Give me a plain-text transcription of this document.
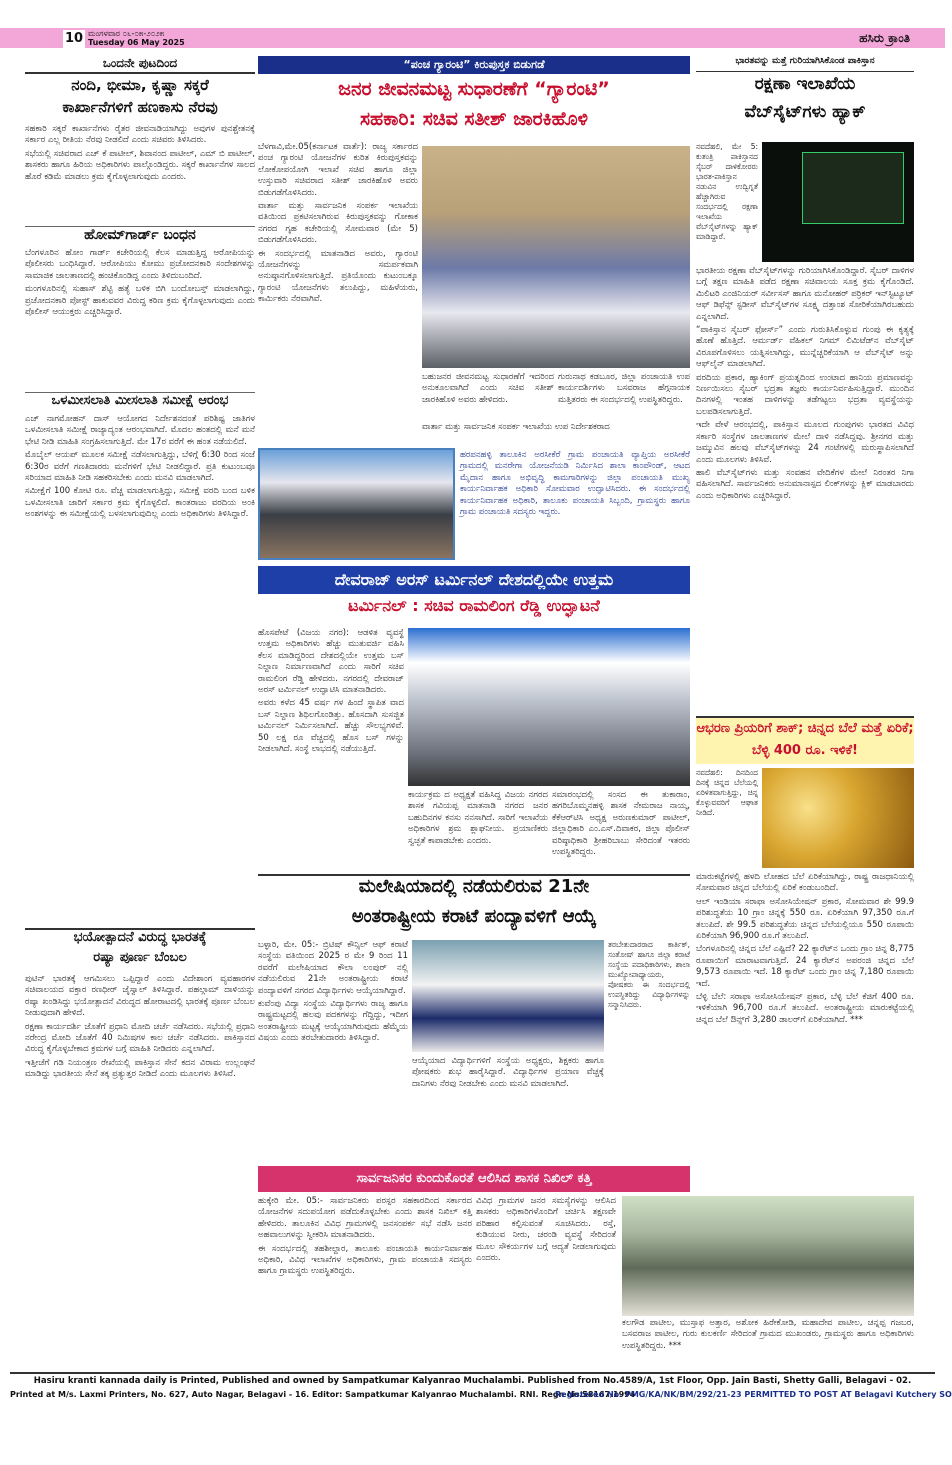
10 ಮಂಗಳವಾರ ೦೬-೦೫-೨೦೨೫
Tuesday 06 May 2025	ಹಸಿರು ಕ್ರಾಂತಿ
ಒಂದನೇ ಪುಟದಿಂದ
ನಂದಿ, ಭೀಮಾ, ಕೃಷ್ಣಾ ಸಕ್ಕರೆ
ಕಾರ್ಖಾನೆಗಳಿಗೆ ಹಣಕಾಸು ನೆರವು

ಸಹಕಾರಿ ಸಕ್ಕರೆ ಕಾರ್ಖಾನೆಗಳು ರೈತರ ಜೀವನಾಡಿಯಾಗಿದ್ದು ಅವುಗಳ ಪುನಶ್ಚೇತನಕ್ಕೆ ಸರ್ಕಾರ ಎಲ್ಲ ರೀತಿಯ ನೆರವು ನೀಡಲಿದೆ ಎಂದು ಸಚಿವರು ತಿಳಿಸಿದರು.

ಸಭೆಯಲ್ಲಿ ಸಚಿವರಾದ ಎಚ್ ಕೆ ಪಾಟೀಲ್, ಶಿವಾನಂದ ಪಾಟೀಲ್, ಎಮ್ ಬಿ ಪಾಟೀಲ್, ಶಾಸಕರು ಹಾಗೂ ಹಿರಿಯ ಅಧಿಕಾರಿಗಳು ಪಾಲ್ಗೊಂಡಿದ್ದರು. ಸಕ್ಕರೆ ಕಾರ್ಖಾನೆಗಳ ಸಾಲದ ಹೊರೆ ಕಡಿಮೆ ಮಾಡಲು ಕ್ರಮ ಕೈಗೊಳ್ಳಲಾಗುವುದು ಎಂದರು.

ಹೋಮ್‌ಗಾರ್ಡ್ ಬಂಧನ

ಬೆಂಗಳೂರಿನ ಹೋಂ ಗಾರ್ಡ್ ಕಚೇರಿಯಲ್ಲಿ ಕೆಲಸ ಮಾಡುತ್ತಿದ್ದ ಆರೋಪಿಯನ್ನು ಪೊಲೀಸರು ಬಂಧಿಸಿದ್ದಾರೆ. ಆರೋಪಿಯು ಕೋಮು ಪ್ರಚೋದನಕಾರಿ ಸಂದೇಶಗಳನ್ನು ಸಾಮಾಜಿಕ ಜಾಲತಾಣದಲ್ಲಿ ಹಂಚಿಕೊಂಡಿದ್ದ ಎಂದು ತಿಳಿದುಬಂದಿದೆ.

ಮಂಗಳೂರಿನಲ್ಲಿ ಸುಹಾಸ್ ಶೆಟ್ಟಿ ಹತ್ಯೆ ಬಳಿಕ ಬಿಗಿ ಬಂದೋಬಸ್ತ್ ಮಾಡಲಾಗಿದ್ದು, ಪ್ರಚೋದನಕಾರಿ ಪೋಸ್ಟ್ ಹಾಕುವವರ ವಿರುದ್ಧ ಕಠಿಣ ಕ್ರಮ ಕೈಗೊಳ್ಳಲಾಗುವುದು ಎಂದು ಪೊಲೀಸ್ ಆಯುಕ್ತರು ಎಚ್ಚರಿಸಿದ್ದಾರೆ.

ಒಳಮೀಸಲಾತಿ ಮೀಸಲಾತಿ ಸಮೀಕ್ಷೆ ಆರಂಭ

ಎಚ್ ನಾಗಮೋಹನ್ ದಾಸ್ ಆಯೋಗದ ನಿರ್ದೇಶನದಂತೆ ಪರಿಶಿಷ್ಟ ಜಾತಿಗಳ ಒಳಮೀಸಲಾತಿ ಸಮೀಕ್ಷೆ ರಾಜ್ಯಾದ್ಯಂತ ಆರಂಭವಾಗಿದೆ. ಮೊದಲ ಹಂತದಲ್ಲಿ ಮನೆ ಮನೆ ಭೇಟಿ ನೀಡಿ ಮಾಹಿತಿ ಸಂಗ್ರಹಿಸಲಾಗುತ್ತಿದೆ. ಮೇ 17ರ ವರೆಗೆ ಈ ಹಂತ ನಡೆಯಲಿದೆ.

ಮೊಬೈಲ್ ಆಯಪ್ ಮೂಲಕ ಸಮೀಕ್ಷೆ ನಡೆಸಲಾಗುತ್ತಿದ್ದು, ಬೆಳಿಗ್ಗೆ 6:30 ರಿಂದ ಸಂಜೆ 6:30ರ ವರೆಗೆ ಗಣತಿದಾರರು ಮನೆಗಳಿಗೆ ಭೇಟಿ ನೀಡಲಿದ್ದಾರೆ. ಪ್ರತಿ ಕುಟುಂಬವೂ ಸರಿಯಾದ ಮಾಹಿತಿ ನೀಡಿ ಸಹಕರಿಸಬೇಕು ಎಂದು ಮನವಿ ಮಾಡಲಾಗಿದೆ.

ಸಮೀಕ್ಷೆಗೆ 100 ಕೋಟಿ ರೂ. ವೆಚ್ಚ ಮಾಡಲಾಗುತ್ತಿದ್ದು, ಸಮೀಕ್ಷೆ ವರದಿ ಬಂದ ಬಳಿಕ ಒಳಮೀಸಲಾತಿ ಜಾರಿಗೆ ಸರ್ಕಾರ ಕ್ರಮ ಕೈಗೊಳ್ಳಲಿದೆ. ಕಾಂತರಾಜು ವರದಿಯ ಅಂಕಿ ಅಂಶಗಳನ್ನು ಈ ಸಮೀಕ್ಷೆಯಲ್ಲಿ ಬಳಸಲಾಗುವುದಿಲ್ಲ ಎಂದು ಅಧಿಕಾರಿಗಳು ತಿಳಿಸಿದ್ದಾರೆ.

ಭಯೋತ್ಪಾದನೆ ವಿರುದ್ಧ ಭಾರತಕ್ಕೆ
ರಷ್ಯಾ ಪೂರ್ಣ ಬೆಂಬಲ

ಪುಟಿನ್ ಭಾರತಕ್ಕೆ ಆಗಮಿಸಲು ಒಪ್ಪಿದ್ದಾರೆ ಎಂದು ವಿದೇಶಾಂಗ ವ್ಯವಹಾರಗಳ ಸಚಿವಾಲಯದ ವಕ್ತಾರ ರಣಧೀರ್ ಜೈಸ್ವಾಲ್ ತಿಳಿಸಿದ್ದಾರೆ. ಪಹಲ್ಗಾಮ್ ದಾಳಿಯನ್ನು ರಷ್ಯಾ ಖಂಡಿಸಿದ್ದು ಭಯೋತ್ಪಾದನೆ ವಿರುದ್ಧದ ಹೋರಾಟದಲ್ಲಿ ಭಾರತಕ್ಕೆ ಪೂರ್ಣ ಬೆಂಬಲ ನೀಡುವುದಾಗಿ ಹೇಳಿದೆ.

ರಕ್ಷಣಾ ಕಾರ್ಯದರ್ಶಿ ಜೊತೆಗೆ ಪ್ರಧಾನಿ ಮೋದಿ ಚರ್ಚೆ ನಡೆಸಿದರು. ಸಭೆಯಲ್ಲಿ ಪ್ರಧಾನಿ ನರೇಂದ್ರ ಮೋದಿ ಜೊತೆಗೆ 40 ನಿಮಿಷಗಳ ಕಾಲ ಚರ್ಚೆ ನಡೆಸಿದರು. ಪಾಕಿಸ್ತಾನದ ವಿರುದ್ಧ ಕೈಗೊಳ್ಳಬೇಕಾದ ಕ್ರಮಗಳ ಬಗ್ಗೆ ಮಾಹಿತಿ ನೀಡಿದರು ಎನ್ನಲಾಗಿದೆ.

ಇತ್ತೀಚೆಗೆ ಗಡಿ ನಿಯಂತ್ರಣ ರೇಖೆಯಲ್ಲಿ ಪಾಕಿಸ್ತಾನ ಸೇನೆ ಕದನ ವಿರಾಮ ಉಲ್ಲಂಘನೆ ಮಾಡಿದ್ದು ಭಾರತೀಯ ಸೇನೆ ತಕ್ಕ ಪ್ರತ್ಯುತ್ತರ ನೀಡಿದೆ ಎಂದು ಮೂಲಗಳು ತಿಳಿಸಿವೆ.

“ಪಂಚ ಗ್ಯಾರಂಟಿ” ಕಿರುಪುಸ್ತಕ ಬಿಡುಗಡೆ
ಜನರ ಜೀವನಮಟ್ಟ ಸುಧಾರಣೆಗೆ “ಗ್ಯಾರಂಟಿ”
ಸಹಕಾರಿ: ಸಚಿವ ಸತೀಶ್ ಜಾರಕಿಹೊಳಿ

ಬೆಳಗಾವಿ,ಮೇ.05(ಕರ್ನಾಟಕ ವಾರ್ತೆ): ರಾಜ್ಯ ಸರ್ಕಾರದ ಪಂಚ ಗ್ಯಾರಂಟಿ ಯೋಜನೆಗಳ ಕುರಿತ ಕಿರುಪುಸ್ತಕವನ್ನು ಲೋಕೋಪಯೋಗಿ ಇಲಾಖೆ ಸಚಿವ ಹಾಗೂ ಜಿಲ್ಲಾ ಉಸ್ತುವಾರಿ ಸಚಿವರಾದ ಸತೀಶ್ ಜಾರಕಿಹೊಳಿ ಅವರು ಬಿಡುಗಡೆಗೊಳಿಸಿದರು.

ವಾರ್ತಾ ಮತ್ತು ಸಾರ್ವಜನಿಕ ಸಂಪರ್ಕ ಇಲಾಖೆಯ ವತಿಯಿಂದ ಪ್ರಕಟಿಸಲಾಗಿರುವ ಕಿರುಪುಸ್ತಕವನ್ನು ಗೋಕಾಕ ನಗರದ ಗೃಹ ಕಚೇರಿಯಲ್ಲಿ ಸೋಮವಾರ (ಮೇ 5) ಬಿಡುಗಡೆಗೊಳಿಸಿದರು.

ಈ ಸಂದರ್ಭದಲ್ಲಿ ಮಾತನಾಡಿದ ಅವರು, ಗ್ಯಾರಂಟಿ ಯೋಜನೆಗಳನ್ನು ಸಮರ್ಪಕವಾಗಿ ಅನುಷ್ಠಾನಗೊಳಿಸಲಾಗುತ್ತಿದೆ. ಪ್ರತಿಯೊಂದು ಕುಟುಂಬಕ್ಕೂ ಗ್ಯಾರಂಟಿ ಯೋಜನೆಗಳು ತಲುಪಿದ್ದು, ಮಹಿಳೆಯರು, ಕಾರ್ಮಿಕರು ನೆರವಾಗಿವೆ.

ಬಹುಜನರ ಜೀವನಮಟ್ಟ ಸುಧಾರಣೆಗೆ ಇದರಿಂದ ಅನುಕೂಲವಾಗಿದೆ ಎಂದು ಸಚಿವ ಸತೀಶ್ ಜಾರಕಿಹೊಳಿ ಅವರು ಹೇಳಿದರು.

ಗುರುನಾಥ ಕಡಬೂರ, ಜಿಲ್ಲಾ ಪಂಚಾಯತಿ ಉಪ ಕಾರ್ಯದರ್ಶಿಗಳು ಬಸವರಾಜ ಹೆಗ್ಗನಾಯಕ ಮತ್ತಿತರರು ಈ ಸಂದರ್ಭದಲ್ಲಿ ಉಪಸ್ಥಿತರಿದ್ದರು.

ವಾರ್ತಾ ಮತ್ತು ಸಾರ್ವಜನಿಕ ಸಂಪರ್ಕ ಇಲಾಖೆಯ ಉಪ ನಿರ್ದೇಶಕರಾದ

ಹರಪನಹಳ್ಳಿ ತಾಲೂಕಿನ ಅರಸೀಕೆರೆ ಗ್ರಾಮ ಪಂಚಾಯತಿ ವ್ಯಾಪ್ತಿಯ ಅರಸೀಕೆರೆ ಗ್ರಾಮದಲ್ಲಿ ಮನರೇಗಾ ಯೋಜನೆಯಡಿ ನಿರ್ಮಿಸಿದ ಶಾಲಾ ಕಾಂಪೌಂಡ್, ಆಟದ ಮೈದಾನ ಹಾಗೂ ಅಭಿವೃದ್ಧಿ ಕಾಮಗಾರಿಗಳನ್ನು ಜಿಲ್ಲಾ ಪಂಚಾಯತಿ ಮುಖ್ಯ ಕಾರ್ಯನಿರ್ವಾಹಕ ಅಧಿಕಾರಿ ಸೋಮವಾರ ಉದ್ಘಾಟಿಸಿದರು. ಈ ಸಂದರ್ಭದಲ್ಲಿ ಕಾರ್ಯನಿರ್ವಾಹಕ ಅಧಿಕಾರಿ, ತಾಲೂಕು ಪಂಚಾಯತಿ ಸಿಬ್ಬಂದಿ, ಗ್ರಾಮಸ್ಥರು ಹಾಗೂ ಗ್ರಾಮ ಪಂಚಾಯತಿ ಸದಸ್ಯರು ಇದ್ದರು.
ದೇವರಾಜ್ ಅರಸ್ ಟರ್ಮಿನಲ್ ದೇಶದಲ್ಲಿಯೇ ಉತ್ತಮ
ಟರ್ಮಿನಲ್ : ಸಚಿವ ರಾಮಲಿಂಗ ರೆಡ್ಡಿ ಉದ್ಘಾಟನೆ

ಹೊಸಪೇಟೆ (ವಿಜಯ ನಗರ): ಆಡಳಿತ ವ್ಯವಸ್ಥೆ ಉತ್ತಮ ಅಧಿಕಾರಿಗಳು ಹೆಚ್ಚು ಮುತುವರ್ಜಿ ವಹಿಸಿ ಕೆಲಸ ಮಾಡಿದ್ದರಿಂದ ದೇಶದಲ್ಲಿಯೇ ಉತ್ತಮ ಬಸ್ ನಿಲ್ದಾಣ ನಿರ್ಮಾಣವಾಗಿದೆ ಎಂದು ಸಾರಿಗೆ ಸಚಿವ ರಾಮಲಿಂಗ ರೆಡ್ಡಿ ಹೇಳಿದರು. ನಗರದಲ್ಲಿ ದೇವರಾಜ್ ಅರಸ್ ಟರ್ಮಿನಲ್ ಉದ್ಘಾಟಿಸಿ ಮಾತನಾಡಿದರು.

ಅವರು ಕಳೆದ 45 ವರ್ಷ ಗಳ ಹಿಂದೆ ಸ್ಥಾಪಿತ ವಾದ ಬಸ್ ನಿಲ್ದಾಣ ಶಿಥಿಲಗೊಂಡಿತ್ತು. ಹೊಸದಾಗಿ ಸುಸಜ್ಜಿತ ಟರ್ಮಿನಲ್ ನಿರ್ಮಿಸಲಾಗಿದೆ. ಹೆಚ್ಚು ಸೌಲಭ್ಯಗಳಿವೆ. 50 ಲಕ್ಷ ರೂ ವೆಚ್ಚದಲ್ಲಿ ಹೊಸ ಬಸ್ ಗಳನ್ನು ನೀಡಲಾಗಿದೆ. ಸಂಸ್ಥೆ ಲಾಭದಲ್ಲಿ ನಡೆಯುತ್ತಿದೆ.

ಕಾರ್ಯಕ್ರಮ ದ ಅಧ್ಯಕ್ಷತೆ ವಹಿಸಿದ್ದ ವಿಜಯ ನಗರದ ಶಾಸಕ ಗವಿಯಪ್ಪ ಮಾತನಾಡಿ ನಗರದ ಜನರ ಬಹುದಿನಗಳ ಕನಸು ನನಸಾಗಿದೆ. ಸಾರಿಗೆ ಇಲಾಖೆಯ ಅಧಿಕಾರಿಗಳ ಶ್ರಮ ಶ್ಲಾಘನೀಯ. ಪ್ರಯಾಣಿಕರು ಸ್ವಚ್ಛತೆ ಕಾಪಾಡಬೇಕು ಎಂದರು.

ಸಮಾರಂಭದಲ್ಲಿ ಸಂಸದ ಈ ತುಕಾರಾಂ, ಹಗರಿಬೊಮ್ಮನಹಳ್ಳಿ ಶಾಸಕ ನೇಮರಾಜ ನಾಯ್ಕ, ಕೆಕೆಆರ್‌ಟಿಸಿ ಅಧ್ಯಕ್ಷ ಅರುಣಕುಮಾರ್ ಪಾಟೀಲ್, ಜಿಲ್ಲಾಧಿಕಾರಿ ಎಂ.ಎಸ್.ದಿವಾಕರ, ಜಿಲ್ಲಾ ಪೊಲೀಸ್ ವರಿಷ್ಠಾಧಿಕಾರಿ ಶ್ರೀಹರಿಬಾಬು ಸೇರಿದಂತೆ ಇತರರು ಉಪಸ್ಥಿತರಿದ್ದರು.

ಮಲೇಷಿಯಾದಲ್ಲಿ ನಡೆಯಲಿರುವ 21ನೇ
ಅಂತರಾಷ್ಟ್ರೀಯ ಕರಾಟೆ ಪಂದ್ಯಾವಳಿಗೆ ಆಯ್ಕೆ

ಬಳ್ಳಾರಿ, ಮೇ. 05:- ಬ್ರಿಟಿಷ್ ಕೌನ್ಸಿಲ್ ಆಫ್ ಕರಾಟೆ ಸಂಸ್ಥೆಯ ವತಿಯಿಂದ 2025 ರ ಮೇ 9 ರಿಂದ 11 ರವರೆಗೆ ಮಲೇಷಿಯಾದ ಕೌಲಾ ಲಂಪುರ್ ನಲ್ಲಿ ನಡೆಯಲಿರುವ 21ನೇ ಅಂತರಾಷ್ಟ್ರೀಯ ಕರಾಟೆ ಪಂದ್ಯಾವಳಿಗೆ ನಗರದ ವಿದ್ಯಾರ್ಥಿಗಳು ಆಯ್ಕೆಯಾಗಿದ್ದಾರೆ.

ಕುವೆಂಪು ವಿದ್ಯಾ ಸಂಸ್ಥೆಯ ವಿದ್ಯಾರ್ಥಿಗಳು ರಾಜ್ಯ ಹಾಗೂ ರಾಷ್ಟ್ರಮಟ್ಟದಲ್ಲಿ ಹಲವು ಪದಕಗಳನ್ನು ಗೆದ್ದಿದ್ದು, ಇದೀಗ ಅಂತರಾಷ್ಟ್ರೀಯ ಮಟ್ಟಕ್ಕೆ ಆಯ್ಕೆಯಾಗಿರುವುದು ಹೆಮ್ಮೆಯ ವಿಷಯ ಎಂದು ತರಬೇತುದಾರರು ತಿಳಿಸಿದ್ದಾರೆ.

ತರಬೇತುದಾರರಾದ ಕಾರ್ತಿಕ್, ಸಂತೋಷ್ ಹಾಗೂ ಜಿಲ್ಲಾ ಕರಾಟೆ ಸಂಸ್ಥೆಯ ಪದಾಧಿಕಾರಿಗಳು, ಶಾಲಾ ಮುಖ್ಯೋಪಾಧ್ಯಾಯರು, ಪೋಷಕರು ಈ ಸಂದರ್ಭದಲ್ಲಿ ಉಪಸ್ಥಿತರಿದ್ದು ವಿದ್ಯಾರ್ಥಿಗಳನ್ನು ಸನ್ಮಾನಿಸಿದರು.

ಆಯ್ಕೆಯಾದ ವಿದ್ಯಾರ್ಥಿಗಳಿಗೆ ಸಂಸ್ಥೆಯ ಅಧ್ಯಕ್ಷರು, ಶಿಕ್ಷಕರು ಹಾಗೂ ಪೋಷಕರು ಶುಭ ಹಾರೈಸಿದ್ದಾರೆ. ವಿದ್ಯಾರ್ಥಿಗಳ ಪ್ರಯಾಣ ವೆಚ್ಚಕ್ಕೆ ದಾನಿಗಳು ನೆರವು ನೀಡಬೇಕು ಎಂದು ಮನವಿ ಮಾಡಲಾಗಿದೆ.

ಸಾರ್ವಜನಿಕರ ಕುಂದುಕೊರತೆ ಆಲಿಸಿದ ಶಾಸಕ ನಿಖಿಲ್ ಕತ್ತಿ

ಹುಕ್ಕೇರಿ ಮೇ. 05:- ಸಾರ್ವಜನಿಕರು ಪರಸ್ಪರ ಸಹಕಾರದಿಂದ ಸರ್ಕಾರದ ಯೋಜನೆಗಳ ಸದುಪಯೋಗ ಪಡೆದುಕೊಳ್ಳಬೇಕು ಎಂದು ಶಾಸಕ ನಿಖಿಲ್ ಕತ್ತಿ ಹೇಳಿದರು. ತಾಲೂಕಿನ ವಿವಿಧ ಗ್ರಾಮಗಳಲ್ಲಿ ಜನಸಂಪರ್ಕ ಸಭೆ ನಡೆಸಿ ಜನರ ಅಹವಾಲುಗಳನ್ನು ಸ್ವೀಕರಿಸಿ ಮಾತನಾಡಿದರು.

ಈ ಸಂದರ್ಭದಲ್ಲಿ ತಹಶೀಲ್ದಾರ, ತಾಲೂಕು ಪಂಚಾಯತಿ ಕಾರ್ಯನಿರ್ವಾಹಕ ಅಧಿಕಾರಿ, ವಿವಿಧ ಇಲಾಖೆಗಳ ಅಧಿಕಾರಿಗಳು, ಗ್ರಾಮ ಪಂಚಾಯತಿ ಸದಸ್ಯರು ಹಾಗೂ ಗ್ರಾಮಸ್ಥರು ಉಪಸ್ಥಿತರಿದ್ದರು.

ವಿವಿಧ ಗ್ರಾಮಗಳ ಜನರ ಸಮಸ್ಯೆಗಳನ್ನು ಆಲಿಸಿದ ಶಾಸಕರು ಅಧಿಕಾರಿಗಳೊಂದಿಗೆ ಚರ್ಚಿಸಿ ತಕ್ಷಣವೇ ಪರಿಹಾರ ಕಲ್ಪಿಸುವಂತೆ ಸೂಚಿಸಿದರು. ರಸ್ತೆ, ಕುಡಿಯುವ ನೀರು, ಚರಂಡಿ ವ್ಯವಸ್ಥೆ ಸೇರಿದಂತೆ ಮೂಲ ಸೌಕರ್ಯಗಳ ಬಗ್ಗೆ ಆದ್ಯತೆ ನೀಡಲಾಗುವುದು ಎಂದರು.

ಕಲಗೌಡ ಪಾಟೀಲ, ಮುಸ್ತಾಫ ಅತ್ತಾರ, ಅಶೋಕ ಹಿರೇಕೋಡಿ, ಮಹಾದೇವ ಪಾಟೀಲ, ಚನ್ನಪ್ಪ ಗಜಬರ, ಬಸವರಾಜ ಪಾಟೀಲ, ಗುರು ಕುಲಕರ್ಣಿ ಸೇರಿದಂತೆ ಗ್ರಾಮದ ಮುಖಂಡರು, ಗ್ರಾಮಸ್ಥರು ಹಾಗೂ ಅಧಿಕಾರಿಗಳು ಉಪಸ್ಥಿತರಿದ್ದರು. ***
ಭಾರತವನ್ನು ಮತ್ತೆ ಗುರಿಯಾಗಿಸಿಕೊಂಡ ಪಾಕಿಸ್ತಾನ
ರಕ್ಷಣಾ ಇಲಾಖೆಯ
ವೆಬ್‌ಸೈಟ್‌ಗಳು ಹ್ಯಾಕ್
ನವದೆಹಲಿ, ಮೇ 5: ಕುತಂತ್ರಿ ಪಾಕಿಸ್ತಾನದ ಸೈಬರ್ ದಾಳಿಕೋರರು ಭಾರತ-ಪಾಕಿಸ್ತಾನ ನಡುವಿನ ಉದ್ವಿಗ್ನತೆ ಹೆಚ್ಚಾಗಿರುವ ಸಂದರ್ಭದಲ್ಲಿ ರಕ್ಷಣಾ ಇಲಾಖೆಯ ವೆಬ್‌ಸೈಟ್‌ಗಳನ್ನು ಹ್ಯಾಕ್ ಮಾಡಿದ್ದಾರೆ.

ಭಾರತೀಯ ರಕ್ಷಣಾ ವೆಬ್‌ಸೈಟ್‌ಗಳನ್ನು ಗುರಿಯಾಗಿಸಿಕೊಂಡಿದ್ದಾರೆ. ಸೈಬರ್ ದಾಳಿಗಳ ಬಗ್ಗೆ ತಕ್ಷಣ ಮಾಹಿತಿ ಪಡೆದ ರಕ್ಷಣಾ ಸಚಿವಾಲಯ ಸೂಕ್ತ ಕ್ರಮ ಕೈಗೊಂಡಿದೆ. ಮಿಲಿಟರಿ ಎಂಜಿನಿಯರ್ ಸರ್ವೀಸಸ್ ಹಾಗೂ ಮನೋಹರ್ ಪರ್ರಿಕರ್ ಇನ್‌ಸ್ಟಿಟ್ಯೂಟ್ ಆಫ್ ಡಿಫೆನ್ಸ್ ಸ್ಟಡೀಸ್ ವೆಬ್‌ಸೈಟ್‌ಗಳ ಸೂಕ್ಷ್ಮ ದತ್ತಾಂಶ ಸೋರಿಕೆಯಾಗಿರಬಹುದು ಎನ್ನಲಾಗಿದೆ.

“ಪಾಕಿಸ್ತಾನ ಸೈಬರ್ ಫೋರ್ಸ್” ಎಂದು ಗುರುತಿಸಿಕೊಳ್ಳುವ ಗುಂಪು ಈ ಕೃತ್ಯಕ್ಕೆ ಹೊಣೆ ಹೊತ್ತಿದೆ. ಆರ್ಮರ್ಡ್ ವೆಹಿಕಲ್ ನಿಗಮ್ ಲಿಮಿಟೆಡ್‌ನ ವೆಬ್‌ಸೈಟ್ ವಿರೂಪಗೊಳಿಸಲು ಯತ್ನಿಸಲಾಗಿದ್ದು, ಮುನ್ನೆಚ್ಚರಿಕೆಯಾಗಿ ಆ ವೆಬ್‌ಸೈಟ್ ಅನ್ನು ಆಫ್‌ಲೈನ್ ಮಾಡಲಾಗಿದೆ.

ವರದಿಯ ಪ್ರಕಾರ, ಹ್ಯಾಕಿಂಗ್ ಪ್ರಯತ್ನದಿಂದ ಉಂಟಾದ ಹಾನಿಯ ಪ್ರಮಾಣವನ್ನು ನಿರ್ಣಯಿಸಲು ಸೈಬರ್ ಭದ್ರತಾ ತಜ್ಞರು ಕಾರ್ಯನಿರ್ವಹಿಸುತ್ತಿದ್ದಾರೆ. ಮುಂದಿನ ದಿನಗಳಲ್ಲಿ ಇಂತಹ ದಾಳಿಗಳನ್ನು ತಡೆಗಟ್ಟಲು ಭದ್ರತಾ ವ್ಯವಸ್ಥೆಯನ್ನು ಬಲಪಡಿಸಲಾಗುತ್ತಿದೆ.

ಇದೇ ವೇಳೆ ಆರಂಭದಲ್ಲಿ, ಪಾಕಿಸ್ತಾನ ಮೂಲದ ಗುಂಪುಗಳು ಭಾರತದ ವಿವಿಧ ಸರ್ಕಾರಿ ಸಂಸ್ಥೆಗಳ ಜಾಲತಾಣಗಳ ಮೇಲೆ ದಾಳಿ ನಡೆಸಿದ್ದವು. ಶ್ರೀನಗರ ಮತ್ತು ಜಮ್ಮುವಿನ ಹಲವು ವೆಬ್‌ಸೈಟ್‌ಗಳನ್ನು 24 ಗಂಟೆಗಳಲ್ಲಿ ಮರುಸ್ಥಾಪಿಸಲಾಗಿದೆ ಎಂದು ಮೂಲಗಳು ತಿಳಿಸಿವೆ.

ಹಾಲಿ ವೆಬ್‌ಸೈಟ್‌ಗಳು ಮತ್ತು ಸಂವಹನ ವೇದಿಕೆಗಳ ಮೇಲೆ ನಿರಂತರ ನಿಗಾ ವಹಿಸಲಾಗಿದೆ. ಸಾರ್ವಜನಿಕರು ಅನುಮಾನಾಸ್ಪದ ಲಿಂಕ್‌ಗಳನ್ನು ಕ್ಲಿಕ್ ಮಾಡಬಾರದು ಎಂದು ಅಧಿಕಾರಿಗಳು ಎಚ್ಚರಿಸಿದ್ದಾರೆ.

ಆಭರಣ ಪ್ರಿಯರಿಗೆ ಶಾಕ್; ಚಿನ್ನದ ಬೆಲೆ ಮತ್ತೆ ಏರಿಕೆ; ಬೆಳ್ಳಿ 400 ರೂ. ಇಳಿಕೆ!
ನವದೆಹಲಿ: ದಿನದಿಂದ ದಿನಕ್ಕೆ ಚಿನ್ನದ ಬೆಲೆಯಲ್ಲಿ ಏರಿಳಿತವಾಗುತ್ತಿದ್ದು, ಚಿನ್ನ ಕೊಳ್ಳುವವರಿಗೆ ಆಘಾತ ನೀಡಿದೆ.

ಮಾರುಕಟ್ಟೆಗಳಲ್ಲಿ ಹಳದಿ ಲೋಹದ ಬೆಲೆ ಏರಿಕೆಯಾಗಿದ್ದು, ರಾಷ್ಟ್ರ ರಾಜಧಾನಿಯಲ್ಲಿ ಸೋಮವಾರ ಚಿನ್ನದ ಬೆಲೆಯಲ್ಲಿ ಏರಿಕೆ ಕಂಡುಬಂದಿದೆ.

ಆಲ್ ಇಂಡಿಯಾ ಸರಾಫಾ ಅಸೋಸಿಯೇಷನ್ ಪ್ರಕಾರ, ಸೋಮವಾರ ಶೇ 99.9 ಪರಿಶುದ್ಧತೆಯ 10 ಗ್ರಾಂ ಚಿನ್ನಕ್ಕೆ 550 ರೂ. ಏರಿಕೆಯಾಗಿ 97,350 ರೂ.ಗೆ ತಲುಪಿದೆ. ಶೇ 99.5 ಪರಿಶುದ್ಧತೆಯ ಚಿನ್ನದ ಬೆಲೆಯಲ್ಲಿಯೂ 550 ರೂಪಾಯಿ ಏರಿಕೆಯಾಗಿ 96,900 ರೂ.ಗೆ ತಲುಪಿದೆ.

ಬೆಂಗಳೂರಿನಲ್ಲಿ ಚಿನ್ನದ ಬೆಲೆ ಎಷ್ಟಿದೆ? 22 ಕ್ಯಾರೆಟ್‌ನ ಒಂದು ಗ್ರಾಂ ಚಿನ್ನ 8,775 ರೂಪಾಯಿಗೆ ಮಾರಾಟವಾಗುತ್ತಿದೆ. 24 ಕ್ಯಾರೆಟ್‌ನ ಅಪರಂಜಿ ಚಿನ್ನದ ಬೆಲೆ 9,573 ರೂಪಾಯಿ ಇದೆ. 18 ಕ್ಯಾರೆಟ್ ಒಂದು ಗ್ರಾಂ ಚಿನ್ನ 7,180 ರೂಪಾಯಿ ಇದೆ.

ಬೆಳ್ಳಿ ಬೆಲೆ: ಸರಾಫಾ ಅಸೋಸಿಯೇಷನ್ ಪ್ರಕಾರ, ಬೆಳ್ಳಿ ಬೆಲೆ ಕೆಜಿಗೆ 400 ರೂ. ಇಳಿಕೆಯಾಗಿ 96,700 ರೂ.ಗೆ ತಲುಪಿದೆ. ಅಂತರಾಷ್ಟ್ರೀಯ ಮಾರುಕಟ್ಟೆಯಲ್ಲಿ ಚಿನ್ನದ ಬೆಲೆ ಔನ್ಸ್‌ಗೆ 3,280 ಡಾಲರ್‌ಗೆ ಏರಿಕೆಯಾಗಿದೆ. ***

Hasiru kranti kannada daily is Printed, Published and owned by Sampatkumar Kalyanrao Muchalambi. Published from No.4589/A, 1st Floor, Opp. Jain Basti, Shetty Galli, Belagavi - 02.
Printed at M/s. Laxmi Printers, No. 627, Auto Nagar, Belagavi - 16. Editor: Sampatkumar Kalyanrao Muchalambi. RNI. Regn No.58167/1994
Registered No. PMG/KA/NK/BM/292/21-23 PERMITTED TO POST AT Belagavi Kutchery SO
